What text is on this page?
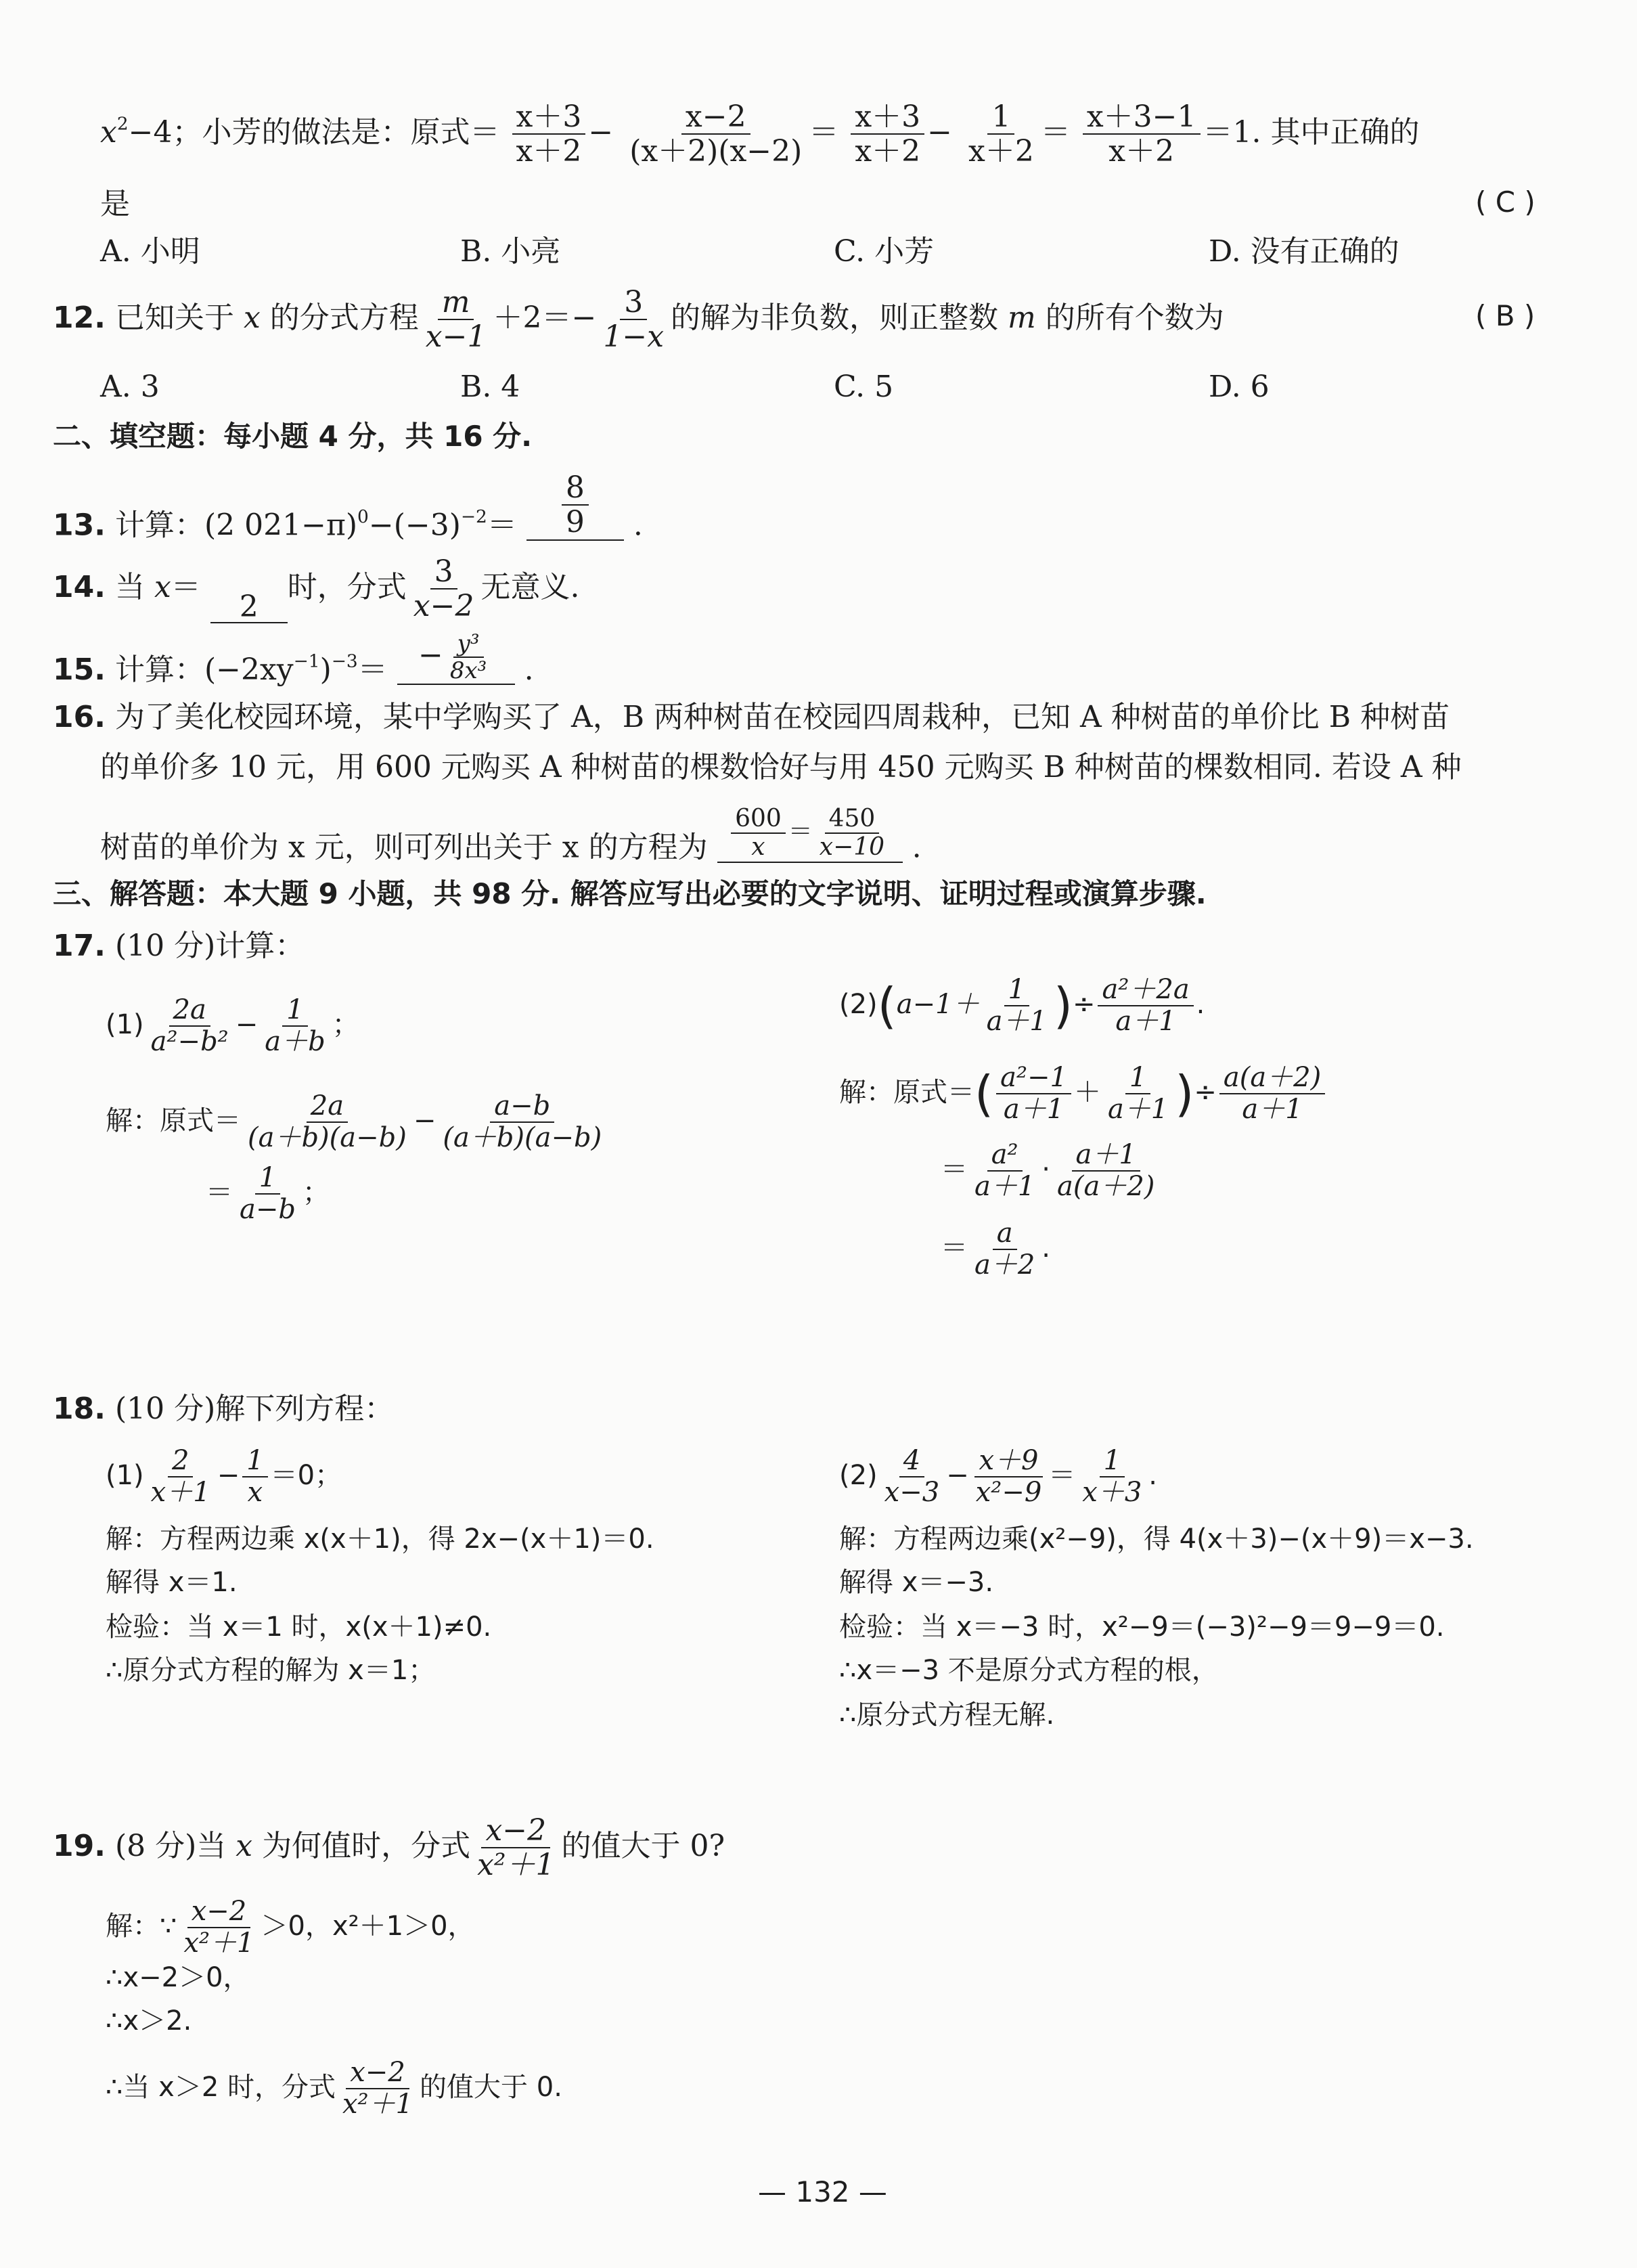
$x^2-4$；小芳的做法是：原式＝ $\frac{x+3}{x+2} - \frac{x-2}{(x+2)(x-2)} = \frac{x+3}{x+2} - \frac{1}{x+2} = \frac{x+3-1}{x+2} =1$. 其中正确的
是	( C )
A. 小明	B. 小亮	C. 小芳	D. 没有正确的
12. 已知关于 x 的分式方程 $\frac{m}{x-1} +2=- \frac{3}{1-x}$ 的解为非负数，则正整数 m 的所有个数为	( B )
A. 3	B. 4	C. 5	D. 6
二、填空题：每小题 4 分，共 16 分.
13. 计算：(2 $021-\pi)^0-(-3)^{-2}= \frac{8}{9}$ .
14. 当 x＝ 2时，分式 $\frac{3}{x-2}$ 无意义.
15. 计算：$(-2xy^{-1})^{-3}= - \frac{\text{y³}}{\text{8x³}}$ .
16. 为了美化校园环境，某中学购买了 A，B 两种树苗在校园四周栽种，已知 A 种树苗的单价比 B 种树苗
的单价多 10 元，用 600 元购买 A 种树苗的棵数恰好与用 450 元购买 B 种树苗的棵数相同. 若设 A 种
树苗的单价为 x 元，则可列出关于 x 的方程为 $\frac{600}{x} = \frac{450}{x-10}$ .
三、解答题：本大题 9 小题，共 98 分. 解答应写出必要的文字说明、证明过程或演算步骤.
17. (10 分)计算：
$(1) \frac{2a}{\text{a²−b²}} - \frac{1}{a+b}$ ；
解：原式＝ $\frac{2a}{(a+b)(a-b)} - \frac{a-b}{(a+b)(a-b)}$
＝ $\frac{1}{a-b}$ ；
$(2)(a-1+ \frac{1}{a+1}$ )÷ $\frac{\text{a²＋2a}}{a+1}$ .
解：原式＝( $\frac{\text{a²−1}}{a+1} + \frac{1}{a+1}$ )÷ $\frac{a(a+2)}{a+1}$
＝ $\frac{\text{a²}}{a+1} \cdot \frac{a+1}{a(a+2)}$
＝ $\frac{a}{a+2}$ .
18. (10 分)解下列方程：
$(1) \frac{2}{x+1} - \frac{1}{x} =0$；
解：方程两边乘 x(x＋1)，得 2x−(x＋1)＝0.
解得 x＝1.
检验：当 x＝1 时，x(x＋1)≠0.
∴原分式方程的解为 x＝1；
$(2) \frac{4}{x-3} - \frac{x+9}{\text{x²−9}} = \frac{1}{x+3}$ .
解：方程两边乘(x²−9)，得 4(x＋3)−(x＋9)＝x−3.
解得 x＝−3.
检验：当 x＝−3 时，x²−9＝(−3)²−9＝9−9＝0.
∴x＝−3 不是原分式方程的根，
∴原分式方程无解.
19. (8 分)当 x 为何值时，分式 $\frac{x-2}{\text{x²＋1}}$ 的值大于 0?
解：∵ $\frac{x-2}{\text{x²＋1}} >0$，x²＋1＞0，
∴x−2＞0，
∴x＞2.
∴当 x＞2 时，分式 $\frac{x-2}{\text{x²＋1}}$ 的值大于 0.
— 132 —
